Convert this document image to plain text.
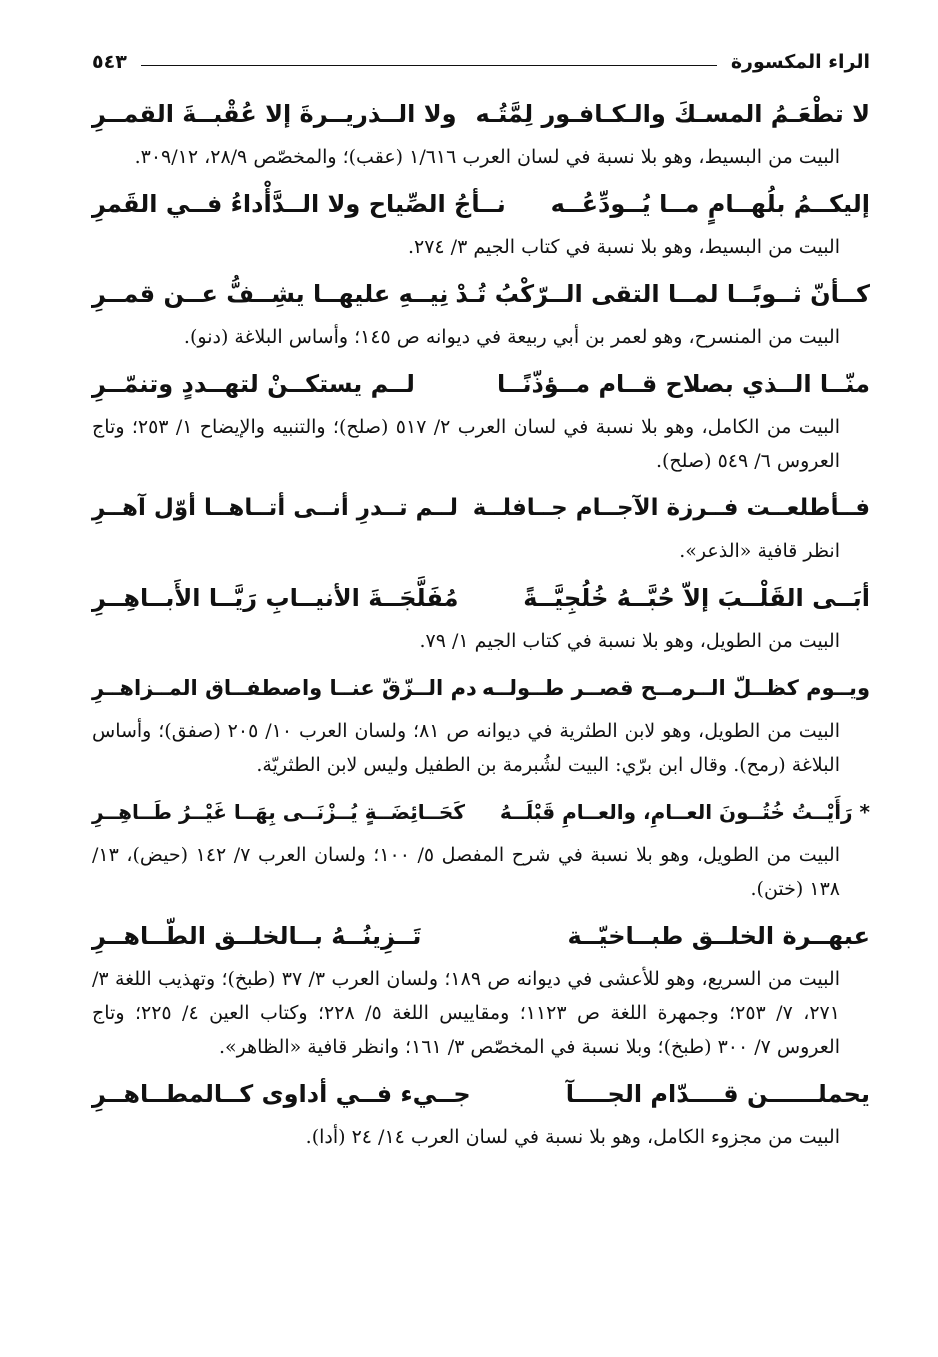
الراء المكسورة
٥٤٣
لا تطْعَـمُ المسـكَ والـكـافـور لِمَّتُـه
ولا الــذريــرةَ إلا عُقْبــةَ القمــرِ
البيت من البسيط، وهو بلا نسبة في لسان العرب ١/٦١٦ (عقب)؛ والمخصّص ٢٨/٩، ٣٠٩/١٢.
إليكــمُ بلُهــامٍ مــا يُــودِّعُــه
نــأجُ الصِّياح ولا الــدَّأْداءُ فــي القَمرِ
البيت من البسيط، وهو بلا نسبة في كتاب الجيم ٣/ ٢٧٤.
كــأنّ ثــوبًــا لمــا التقى الــرّكْبُ تُـدْ
نِيــهِ عليهــا يشِــفُّ عــن قمــرِ
البيت من المنسرح، وهو لعمر بن أبي ربيعة في ديوانه ص ١٤٥؛ وأساس البلاغة (دنو).
منّــا الــذي بصلاح قــام مــؤذّنًــا
لــم يستكــنْ لتهــددٍ وتنمّــرِ
البيت من الكامل، وهو بلا نسبة في لسان العرب ٢/ ٥١٧ (صلح)؛ والتنبيه والإيضاح ١/ ٢٥٣؛ وتاج العروس ٦/ ٥٤٩ (صلح).
فــأطلعــت فــرزة الآجــام جــافلــة
لــم تــدرِ أنــى أتــاهــا أوّل آهــرِ
انظر قافية «الذعر».
أبَــى القَلْــبَ إلاّ حُبَّــهُ خُلُجِيَّــةً
مُفَلَّجَــةَ الأنيــابِ رَيَّــا الأَبــاهِــرِ
البيت من الطويل، وهو بلا نسبة في كتاب الجيم ١/ ٧٩.
ويــوم كظــلّ الــرمــح قصــر طــولــه
دم الــزّقّ عنــا واصطفــاق المــزاهــرِ
البيت من الطويل، وهو لابن الطثرية في ديوانه ص ٨١؛ ولسان العرب ١٠/ ٢٠٥ (صفق)؛ وأساس البلاغة (رمح). وقال ابن برّي: البيت لشُبرمة بن الطفيل وليس لابن الطثريّة.
* رَأَيْــتُ خُتُــونَ العــامِ، والعــامِ قَبْلَــهُ
كَحَــائِضَــةٍ يُــزْنَــى بِهَــا غَيْــرُ طَــاهِــرِ
البيت من الطويل، وهو بلا نسبة في شرح المفصل ٥/ ١٠٠؛ ولسان العرب ٧/ ١٤٢ (حيض)، ١٣/ ١٣٨ (ختن).
عبهــرة الخلــق طبــاخيّــة
تَــزِينُــهُ بــالخلــق الطّــاهــرِ
البيت من السريع، وهو للأعشى في ديوانه ص ١٨٩؛ ولسان العرب ٣/ ٣٧ (طبخ)؛ وتهذيب اللغة ٣/ ٢٧١، ٧/ ٢٥٣؛ وجمهرة اللغة ص ١١٢٣؛ ومقاييس اللغة ٥/ ٢٢٨؛ وكتاب العين ٤/ ٢٢٥؛ وتاج العروس ٧/ ٣٠٠ (طبخ)؛ وبلا نسبة في المخصّص ٣/ ١٦١؛ وانظر قافية «الظاهر».
يحملــــــن قــــدّام الجــــآ
جــيء فــي أداوى كــالمطــاهــرِ
البيت من مجزوء الكامل، وهو بلا نسبة في لسان العرب ١٤/ ٢٤ (أدا).
